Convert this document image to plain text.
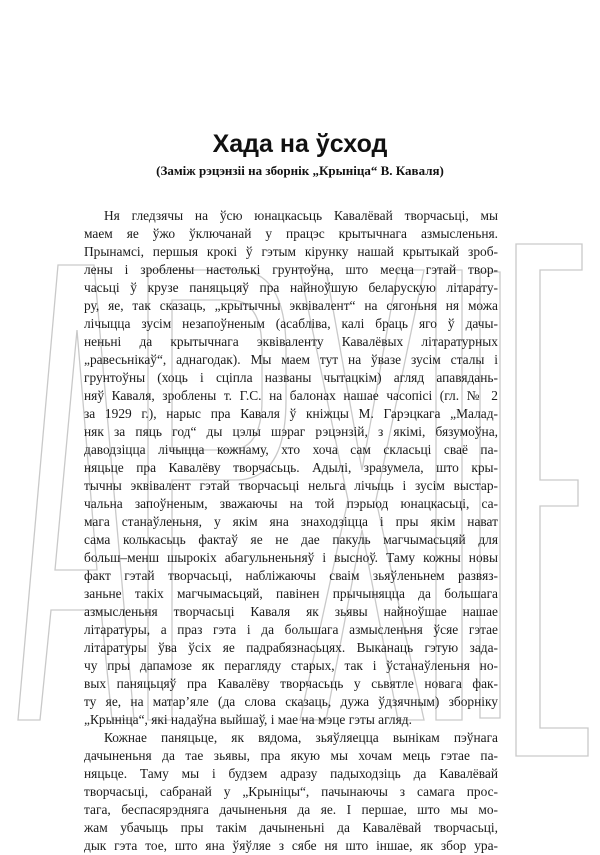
Хада на ўсход
(Замiж рэцэнзii на зборнiк „Крынiца“ В. Каваля)
Ня гледзячы на ўсю юнацкасьць Кавалёвай творчасьцi, мы
маем яе ўжо ўключанай у працэс крытычнага азмысленьня.
Прынамсi, першыя крокi ў гэтым кiрунку нашай крытыкай зроб-
лены i зроблены настолькi грунтоўна, што месца гэтай твор-
часьцi ў крузе паняцьцяў пра найноўшую беларускую лiтарату-
ру, яе, так сказаць, „крытычны эквiвалент“ на сягоньня ня можа
лiчыцца зусiм незапоўненым (асаблiва, калi браць яго ў дачы-
неньнi да крытычнага эквiваленту Кавалёвых лiтаратурных
„равесьнiкаў“, аднагодак). Мы маем тут на ўвазе зусiм сталы i
грунтоўны (хоць i сцiпла названы чытацкiм) агляд апавядань-
няў Каваля, зроблены т. Г.С. на балонах нашае часопiсi (гл. № 2
за 1929 г.), нарыс пра Каваля ў кнiжцы М. Гарэцкага „Малад-
няк за пяць год“ ды цэлы шэраг рэцэнзiй, з якiмi, бязумоўна,
даводзiцца лiчыцца кожнаму, хто хоча сам скласьцi сваё па-
няцьце пра Кавалёву творчасьць. Адылi, зразумела, што кры-
тычны эквiвалент гэтай творчасьцi нельга лiчыць i зусiм выстар-
чальна запоўненым, зважаючы на той пэрыод юнацкасьцi, са-
мага станаўленьня, у якiм яна знаходзiцца i пры якiм нават
сама колькасьць фактаў яе не дае пакуль магчымасьцяй для
больш–менш шырокiх абагульненьняў i высноў. Таму кожны новы
факт гэтай творчасьцi, наблiжаючы сваiм зьяўленьнем развяз-
заньне такiх магчымасьцяй, павiнен прычыняцца да большага
азмысленьня творчасьцi Каваля як зьявы найноўшае нашае
лiтаратуры, а праз гэта i да большага азмысленьня ўсяе гэтае
лiтаратуры ўва ўсiх яе падрабязнасьцях. Выканаць гэтую зада-
чу пры дапамозе як перагляду старых, так i ўстанаўленьня но-
вых паняцьцяў пра Кавалёву творчасьць у сьвятле новага фак-
ту яе, на матар’яле (да слова сказаць, дужа ўдзячным) зборнiку
„Крынiца“, якi надаўна выйшаў, i мае на мэце гэты агляд.
Кожнае паняцьце, як вядома, зьяўляецца вынiкам пэўнага
дачыненьня да тае зьявы, пра якую мы хочам мець гэтае па-
няцьце. Таму мы i будзем адразу падыходзiць да Кавалёвай
творчасьцi, сабранай у „Крынiцы“, пачынаючы з самага прос-
тага, беспасярэдняга дачыненьня да яе. I першае, што мы мо-
жам убачыць пры такiм дачыненьнi да Кавалёвай творчасьцi,
дык гэта тое, што яна ўяўляе з сябе ня што iншае, як збор ура-
